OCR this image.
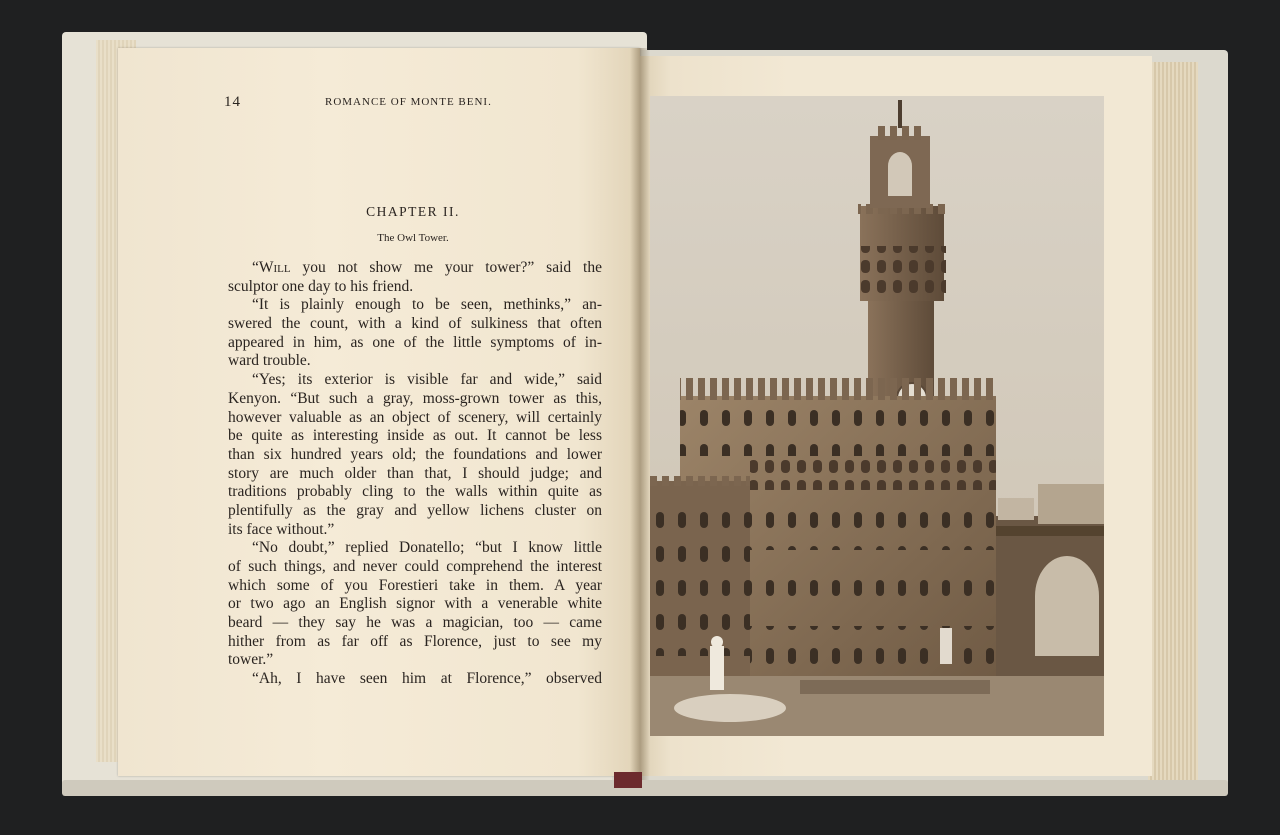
14	ROMANCE OF MONTE BENI.
CHAPTER II.
The Owl Tower.
“Will you not show me your tower?” said the
sculptor one day to his friend.
“It is plainly enough to be seen, methinks,” an-
swered the count, with a kind of sulkiness that often
appeared in him, as one of the little symptoms of in-
ward trouble.
“Yes; its exterior is visible far and wide,” said
Kenyon. “But such a gray, moss-grown tower as this,
however valuable as an object of scenery, will certainly
be quite as interesting inside as out. It cannot be less
than six hundred years old; the foundations and lower
story are much older than that, I should judge; and
traditions probably cling to the walls within quite as
plentifully as the gray and yellow lichens cluster on
its face without.”
“No doubt,” replied Donatello; “but I know little
of such things, and never could comprehend the interest
which some of you Forestieri take in them. A year
or two ago an English signor with a venerable white
beard — they say he was a magician, too — came
hither from as far off as Florence, just to see my
tower.”
“Ah, I have seen him at Florence,” observed
